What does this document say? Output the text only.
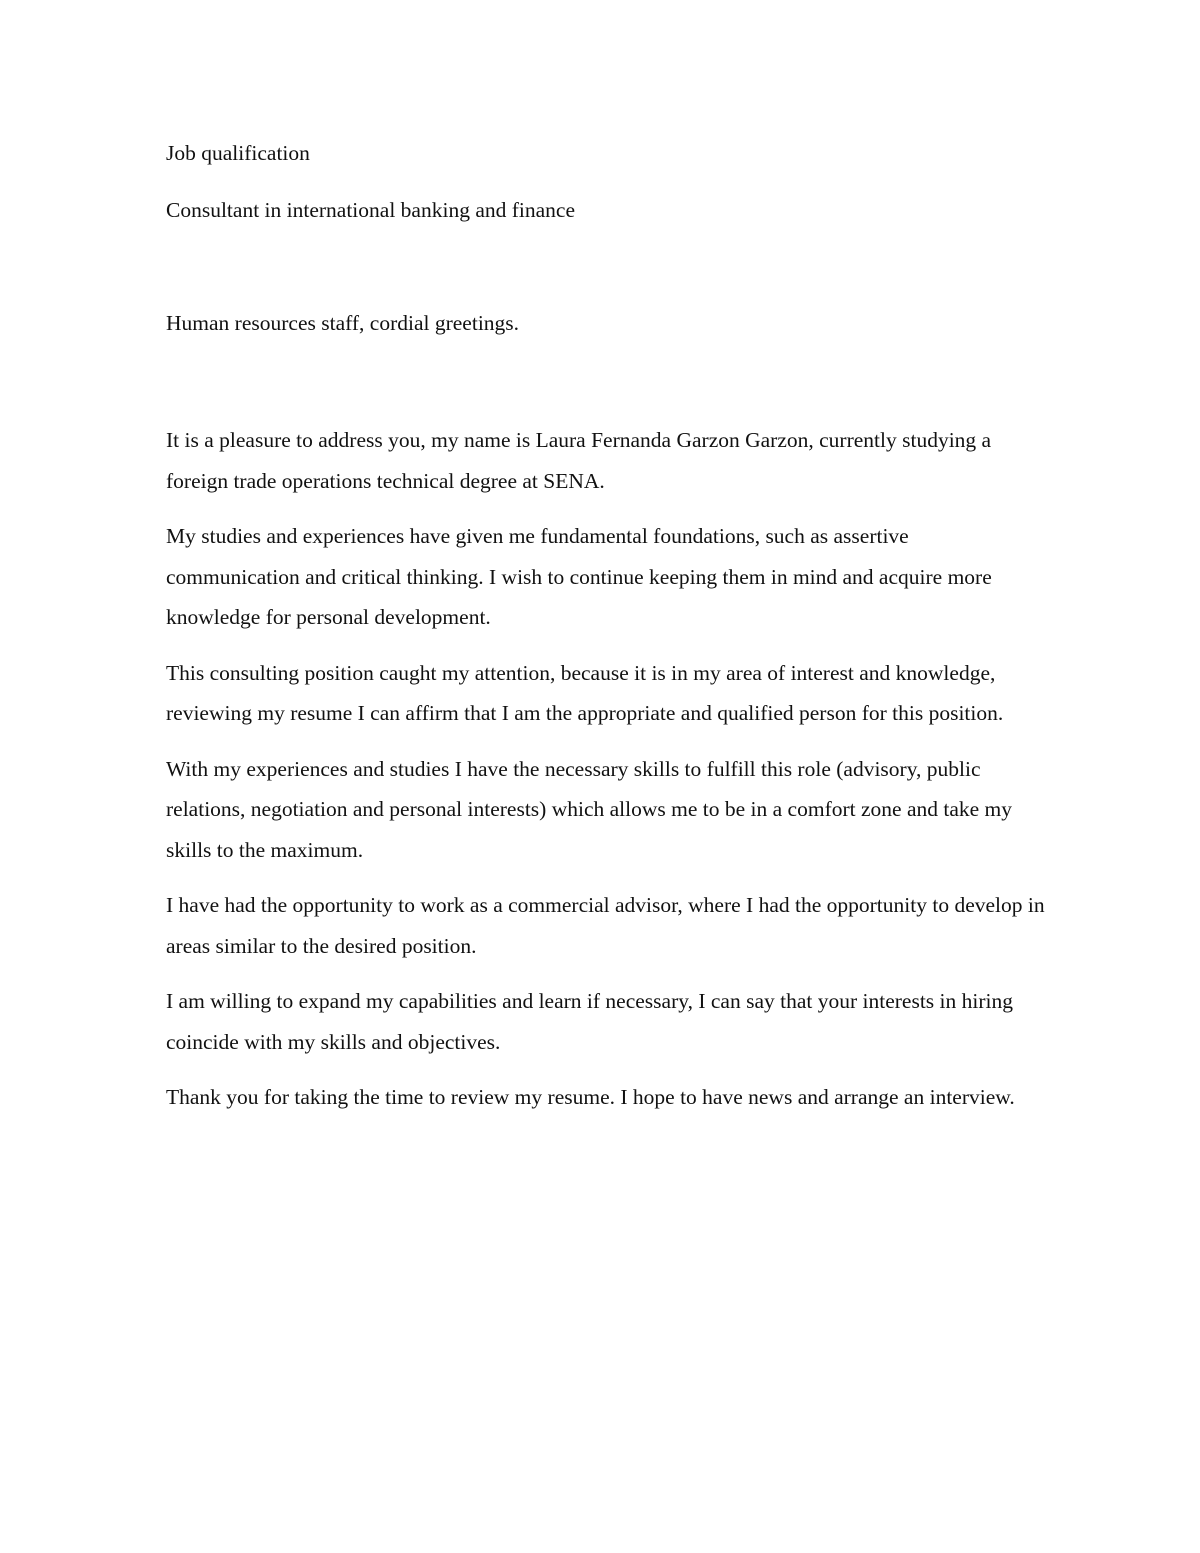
Job qualification

Consultant in international banking and finance

Human resources staff, cordial greetings.

It is a pleasure to address you, my name is Laura Fernanda Garzon Garzon, currently studying a foreign trade operations technical degree at SENA.

My studies and experiences have given me fundamental foundations, such as assertive communication and critical thinking. I wish to continue keeping them in mind and acquire more knowledge for personal development.

This consulting position caught my attention, because it is in my area of interest and knowledge, reviewing my resume I can affirm that I am the appropriate and qualified person for this position.

With my experiences and studies I have the necessary skills to fulfill this role (advisory, public relations, negotiation and personal interests) which allows me to be in a comfort zone and take my skills to the maximum.

I have had the opportunity to work as a commercial advisor, where I had the opportunity to develop in areas similar to the desired position.

I am willing to expand my capabilities and learn if necessary, I can say that your interests in hiring coincide with my skills and objectives.

Thank you for taking the time to review my resume. I hope to have news and arrange an interview.
